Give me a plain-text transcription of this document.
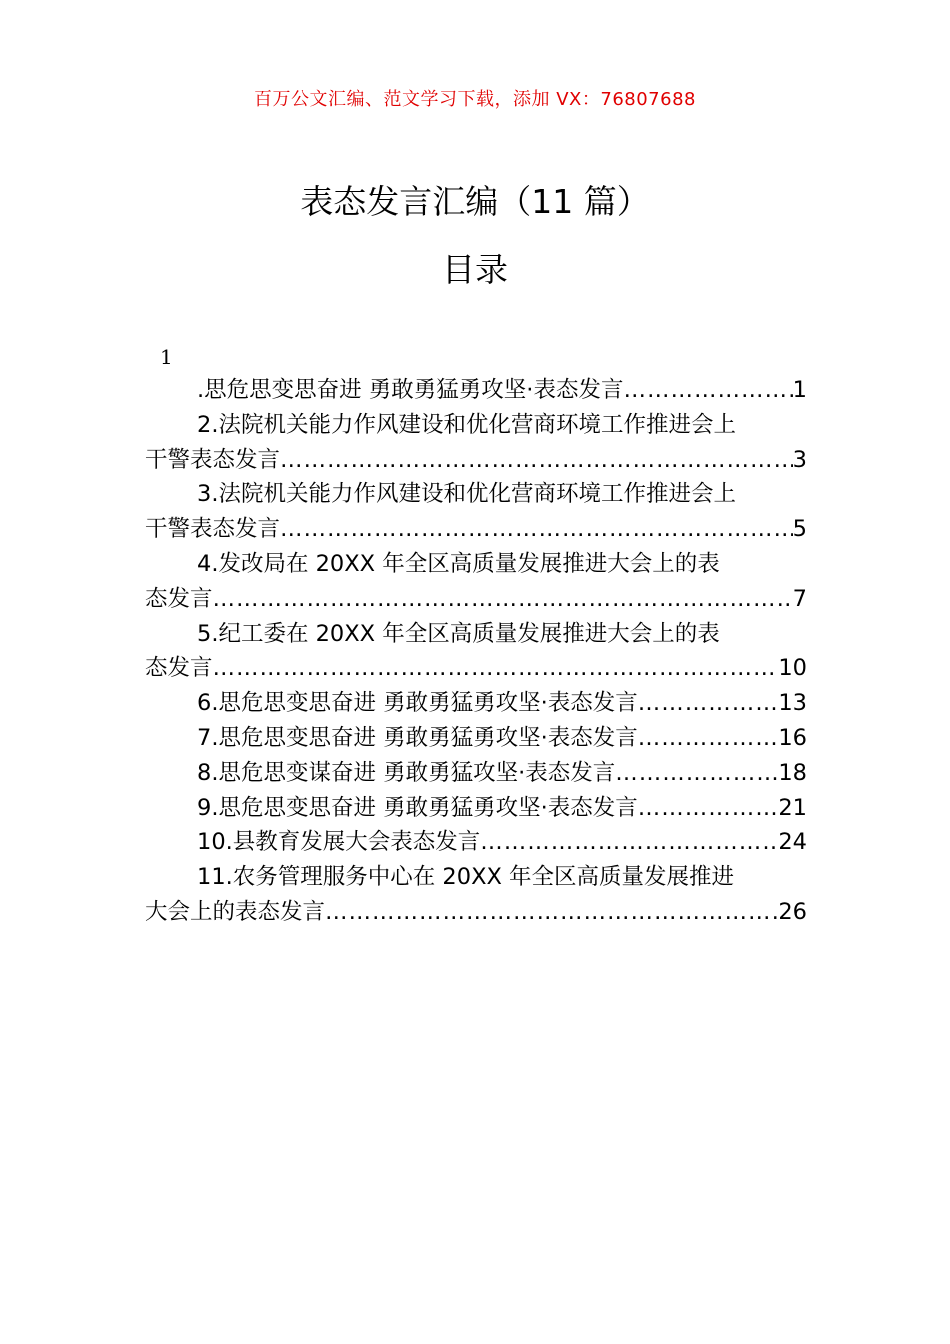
百万公文汇编、范文学习下载，添加 VX：76807688
表态发言汇编（11 篇）
目录
1
.思危思变思奋进 勇敢勇猛勇攻坚·表态发言 ……………………………………………………………………………………………………………………………………………………………………………………	1
2.法院机关能力作风建设和优化营商环境工作推进会上
干警表态发言 ……………………………………………………………………………………………………………………………………………………………………………………	3
3.法院机关能力作风建设和优化营商环境工作推进会上
干警表态发言 ……………………………………………………………………………………………………………………………………………………………………………………	5
4.发改局在 20XX 年全区高质量发展推进大会上的表
态发言 ……………………………………………………………………………………………………………………………………………………………………………………	7
5.纪工委在 20XX 年全区高质量发展推进大会上的表
态发言 ……………………………………………………………………………………………………………………………………………………………………………………	10
6.思危思变思奋进 勇敢勇猛勇攻坚·表态发言 ……………………………………………………………………………………………………………………………………………………………………………………	13
7.思危思变思奋进 勇敢勇猛勇攻坚·表态发言 ……………………………………………………………………………………………………………………………………………………………………………………	16
8.思危思变谋奋进 勇敢勇猛攻坚·表态发言 ……………………………………………………………………………………………………………………………………………………………………………………	18
9.思危思变思奋进 勇敢勇猛勇攻坚·表态发言 ……………………………………………………………………………………………………………………………………………………………………………………	21
10.县教育发展大会表态发言 ……………………………………………………………………………………………………………………………………………………………………………………	24
11.农务管理服务中心在 20XX 年全区高质量发展推进
大会上的表态发言 ……………………………………………………………………………………………………………………………………………………………………………………	26
